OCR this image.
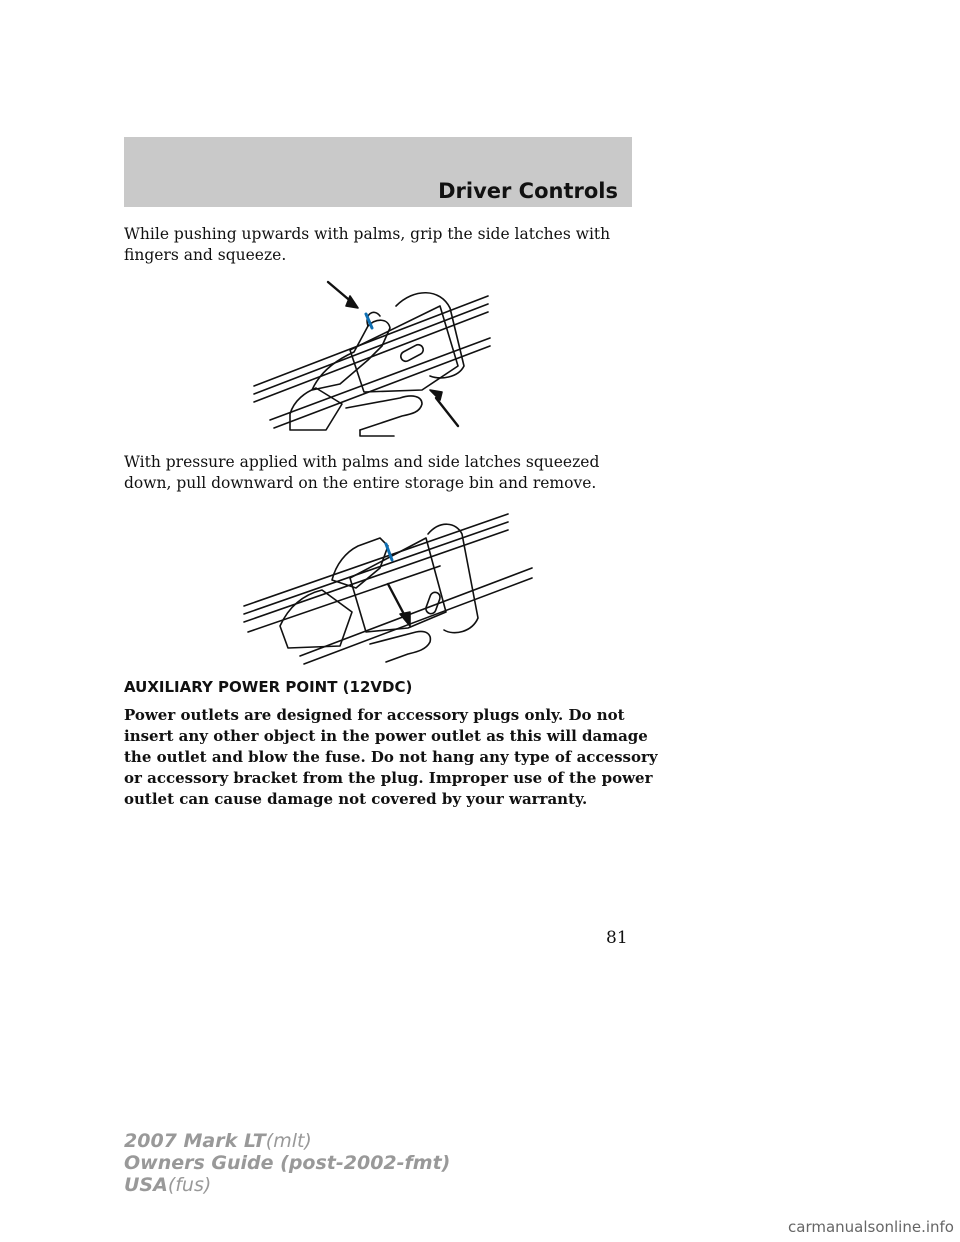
Driver Controls

While pushing upwards with palms, grip the side latches with fingers and squeeze.

With pressure applied with palms and side latches squeezed down, pull downward on the entire storage bin and remove.

AUXILIARY POWER POINT (12VDC)

Power outlets are designed for accessory plugs only. Do not insert any other object in the power outlet as this will damage the outlet and blow the fuse. Do not hang any type of accessory or accessory bracket from the plug. Improper use of the power outlet can cause damage not covered by your warranty.

81
2007 Mark LT(mlt)
Owners Guide (post-2002-fmt)
USA(fus)
carmanualsonline.info
